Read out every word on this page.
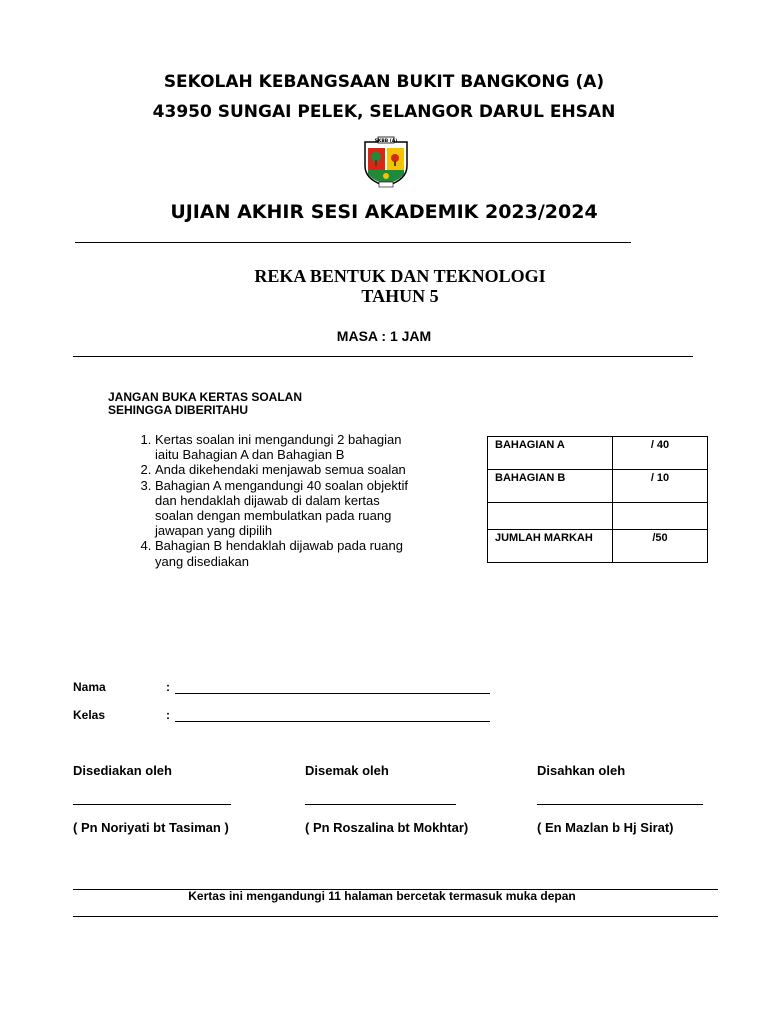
SEKOLAH KEBANGSAAN BUKIT BANGKONG (A)
43950 SUNGAI PELEK, SELANGOR DARUL EHSAN
SKBB (A)
UJIAN AKHIR SESI AKADEMIK 2023/2024
REKA BENTUK DAN TEKNOLOGI
TAHUN 5
MASA : 1 JAM
JANGAN BUKA KERTAS SOALAN
SEHINGGA DIBERITAHU
1. Kertas soalan ini mengandungi 2 bahagian iaitu Bahagian A dan Bahagian B
2. Anda dikehendaki menjawab semua soalan
3. Bahagian A mengandungi 40 soalan objektif dan hendaklah dijawab di dalam kertas soalan dengan membulatkan pada ruang jawapan yang dipilih
4. Bahagian B hendaklah dijawab pada ruang yang disediakan
BAHAGIAN A	/ 40
BAHAGIAN B	/ 10

JUMLAH MARKAH	/50
Nama	:
Kelas	:
Disediakan oleh	Disemak oleh	Disahkan oleh
( Pn Noriyati bt Tasiman )	( Pn Roszalina bt Mokhtar)	( En Mazlan b Hj Sirat)
Kertas ini mengandungi 11 halaman bercetak termasuk muka depan
